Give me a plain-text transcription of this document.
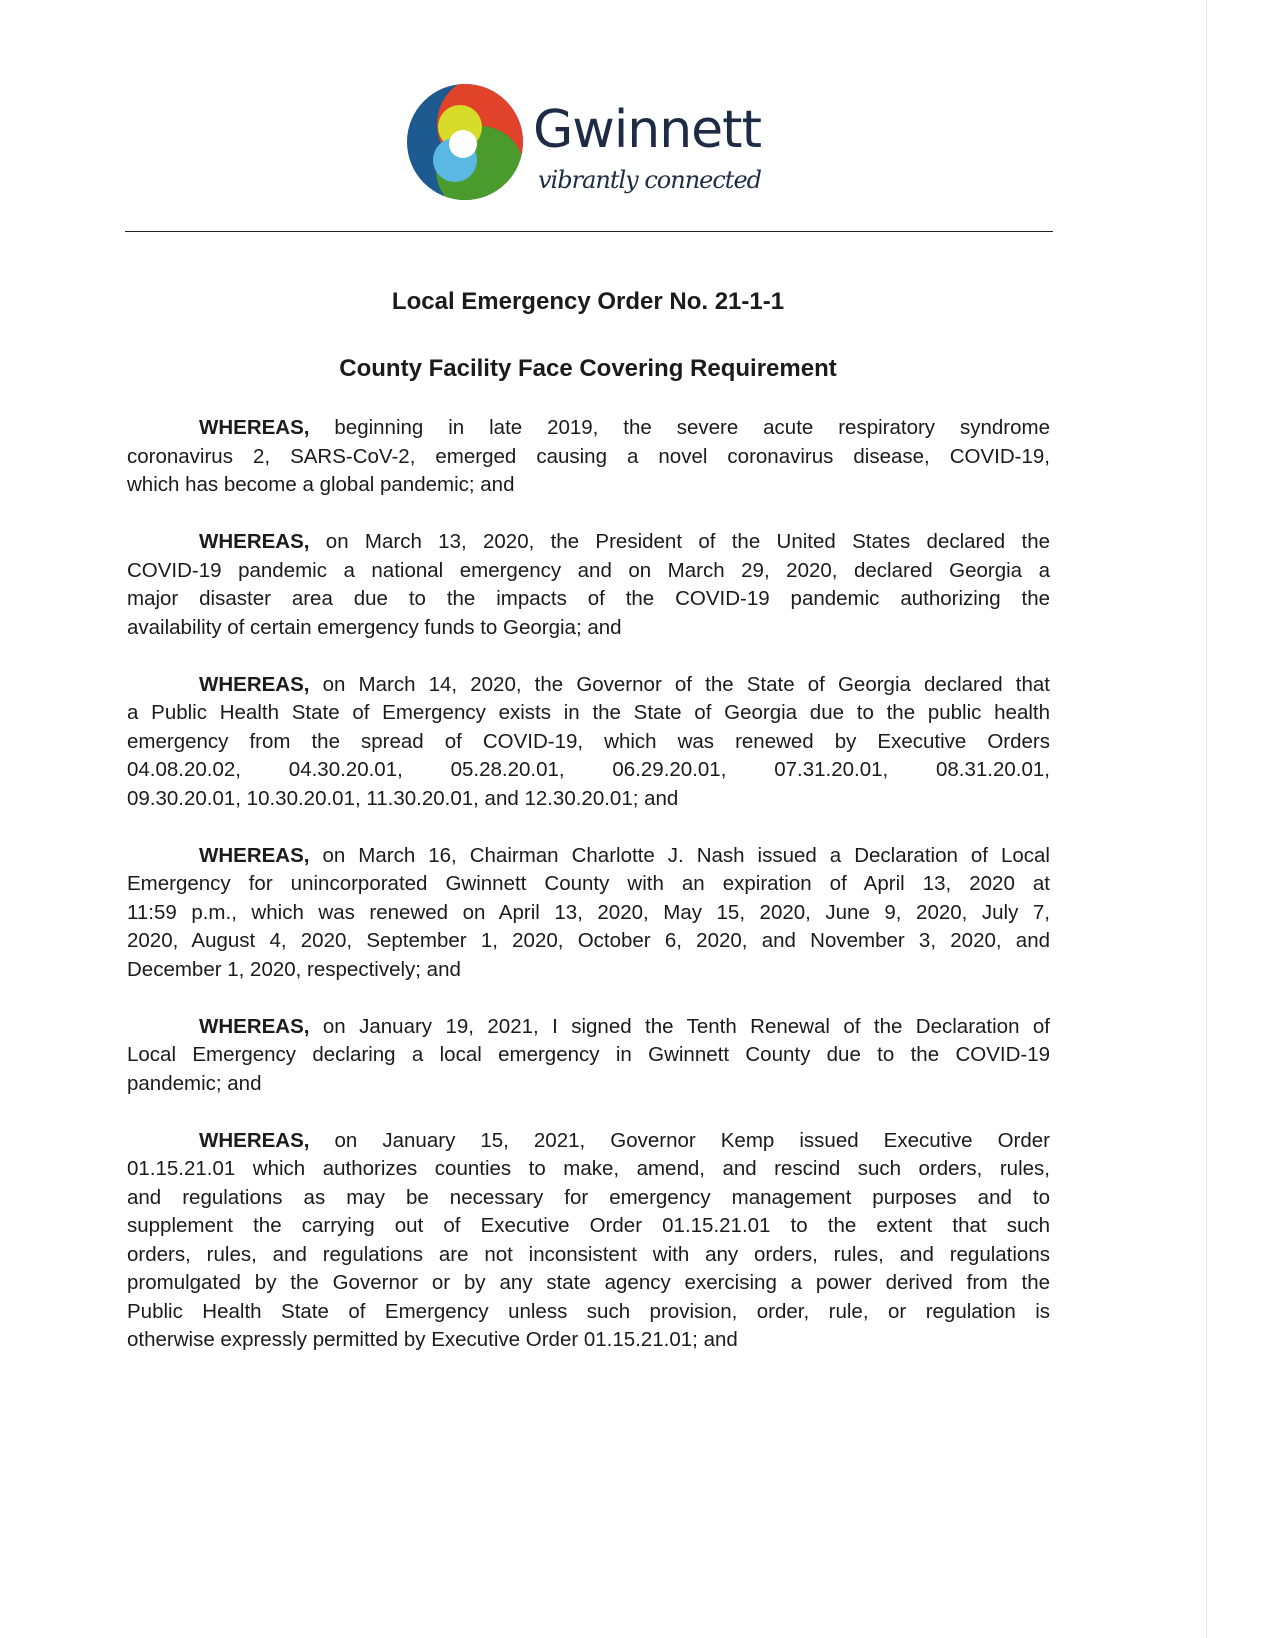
Gwinnett
vibrantly connected
Local Emergency Order No. 21-1-1
County Facility Face Covering Requirement
WHEREAS, beginning in late 2019, the severe acute respiratory syndrome
coronavirus 2, SARS-CoV-2, emerged causing a novel coronavirus disease, COVID-19,
which has become a global pandemic; and
WHEREAS, on March 13, 2020, the President of the United States declared the
COVID-19 pandemic a national emergency and on March 29, 2020, declared Georgia a
major disaster area due to the impacts of the COVID-19 pandemic authorizing the
availability of certain emergency funds to Georgia; and
WHEREAS, on March 14, 2020, the Governor of the State of Georgia declared that
a Public Health State of Emergency exists in the State of Georgia due to the public health
emergency from the spread of COVID-19, which was renewed by Executive Orders
04.08.20.02, 04.30.20.01, 05.28.20.01, 06.29.20.01, 07.31.20.01, 08.31.20.01,
09.30.20.01, 10.30.20.01, 11.30.20.01, and 12.30.20.01; and
WHEREAS, on March 16, Chairman Charlotte J. Nash issued a Declaration of Local
Emergency for unincorporated Gwinnett County with an expiration of April 13, 2020 at
11:59 p.m., which was renewed on April 13, 2020, May 15, 2020, June 9, 2020, July 7,
2020, August 4, 2020, September 1, 2020, October 6, 2020, and November 3, 2020, and
December 1, 2020, respectively; and
WHEREAS, on January 19, 2021, I signed the Tenth Renewal of the Declaration of
Local Emergency declaring a local emergency in Gwinnett County due to the COVID-19
pandemic; and
WHEREAS, on January 15, 2021, Governor Kemp issued Executive Order
01.15.21.01 which authorizes counties to make, amend, and rescind such orders, rules,
and regulations as may be necessary for emergency management purposes and to
supplement the carrying out of Executive Order 01.15.21.01 to the extent that such
orders, rules, and regulations are not inconsistent with any orders, rules, and regulations
promulgated by the Governor or by any state agency exercising a power derived from the
Public Health State of Emergency unless such provision, order, rule, or regulation is
otherwise expressly permitted by Executive Order 01.15.21.01; and
